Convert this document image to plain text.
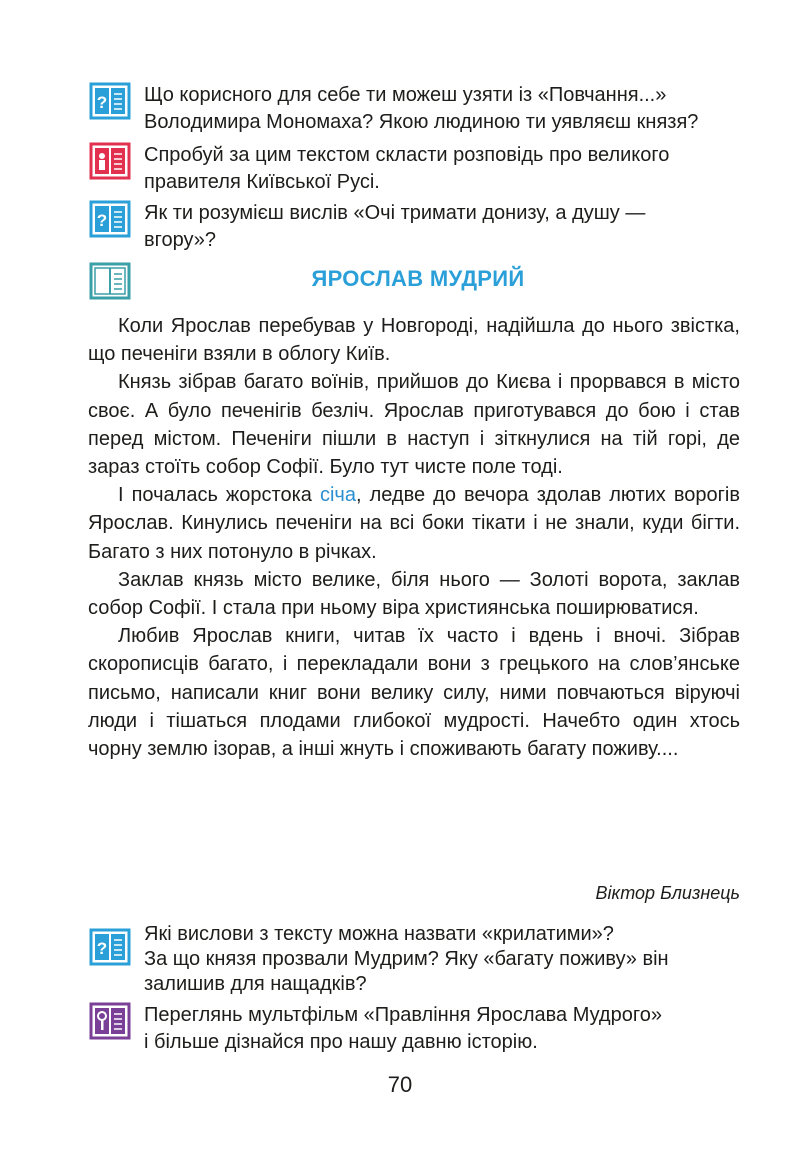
? Що корисного для себе ти можеш узяти із «Повчання...»

Володимира Мономаха? Якою людиною ти уявляєш князя?

Спробуй за цим текстом скласти розповідь про великого

правителя Київської Русі.

? Як ти розумієш вислів «Очі тримати донизу, а душу —

вгору»?

ЯРОСЛАВ МУДРИЙ

Коли Ярослав перебував у Новгороді, надійшла до нього звістка, що печеніги взяли в облогу Київ.

Князь зібрав багато воїнів, прийшов до Києва і прорвався в місто своє. А було печенігів безліч. Ярослав приготувався до бою і став перед містом. Печеніги пішли в наступ і зіткнулися на тій горі, де зараз стоїть собор Софії. Було тут чисте поле тоді.

І почалась жорстока січа, ледве до вечора здолав лютих ворогів Ярослав. Кинулись печеніги на всі боки тікати і не знали, куди бігти. Багато з них потонуло в річках.

Заклав князь місто велике, біля нього — Золоті ворота, заклав собор Софії. І стала при ньому віра християнська поширюватися.

Любив Ярослав книги, читав їх часто і вдень і вночі. Зібрав скорописців багато, і перекладали вони з грецького на слов’янське письмо, написали книг вони велику силу, ними повчаються віруючі люди і тішаться плодами глибокої мудрості. Начебто один хтось чорну землю ізорав, а інші жнуть і споживають багату поживу....

Віктор Близнець
?

Які вислови з тексту можна назвати «крилатими»?

За що князя прозвали Мудрим? Яку «багату поживу» він

залишив для нащадків?

Переглянь мультфільм «Правління Ярослава Мудрого»

і більше дізнайся про нашу давню історію.

70
